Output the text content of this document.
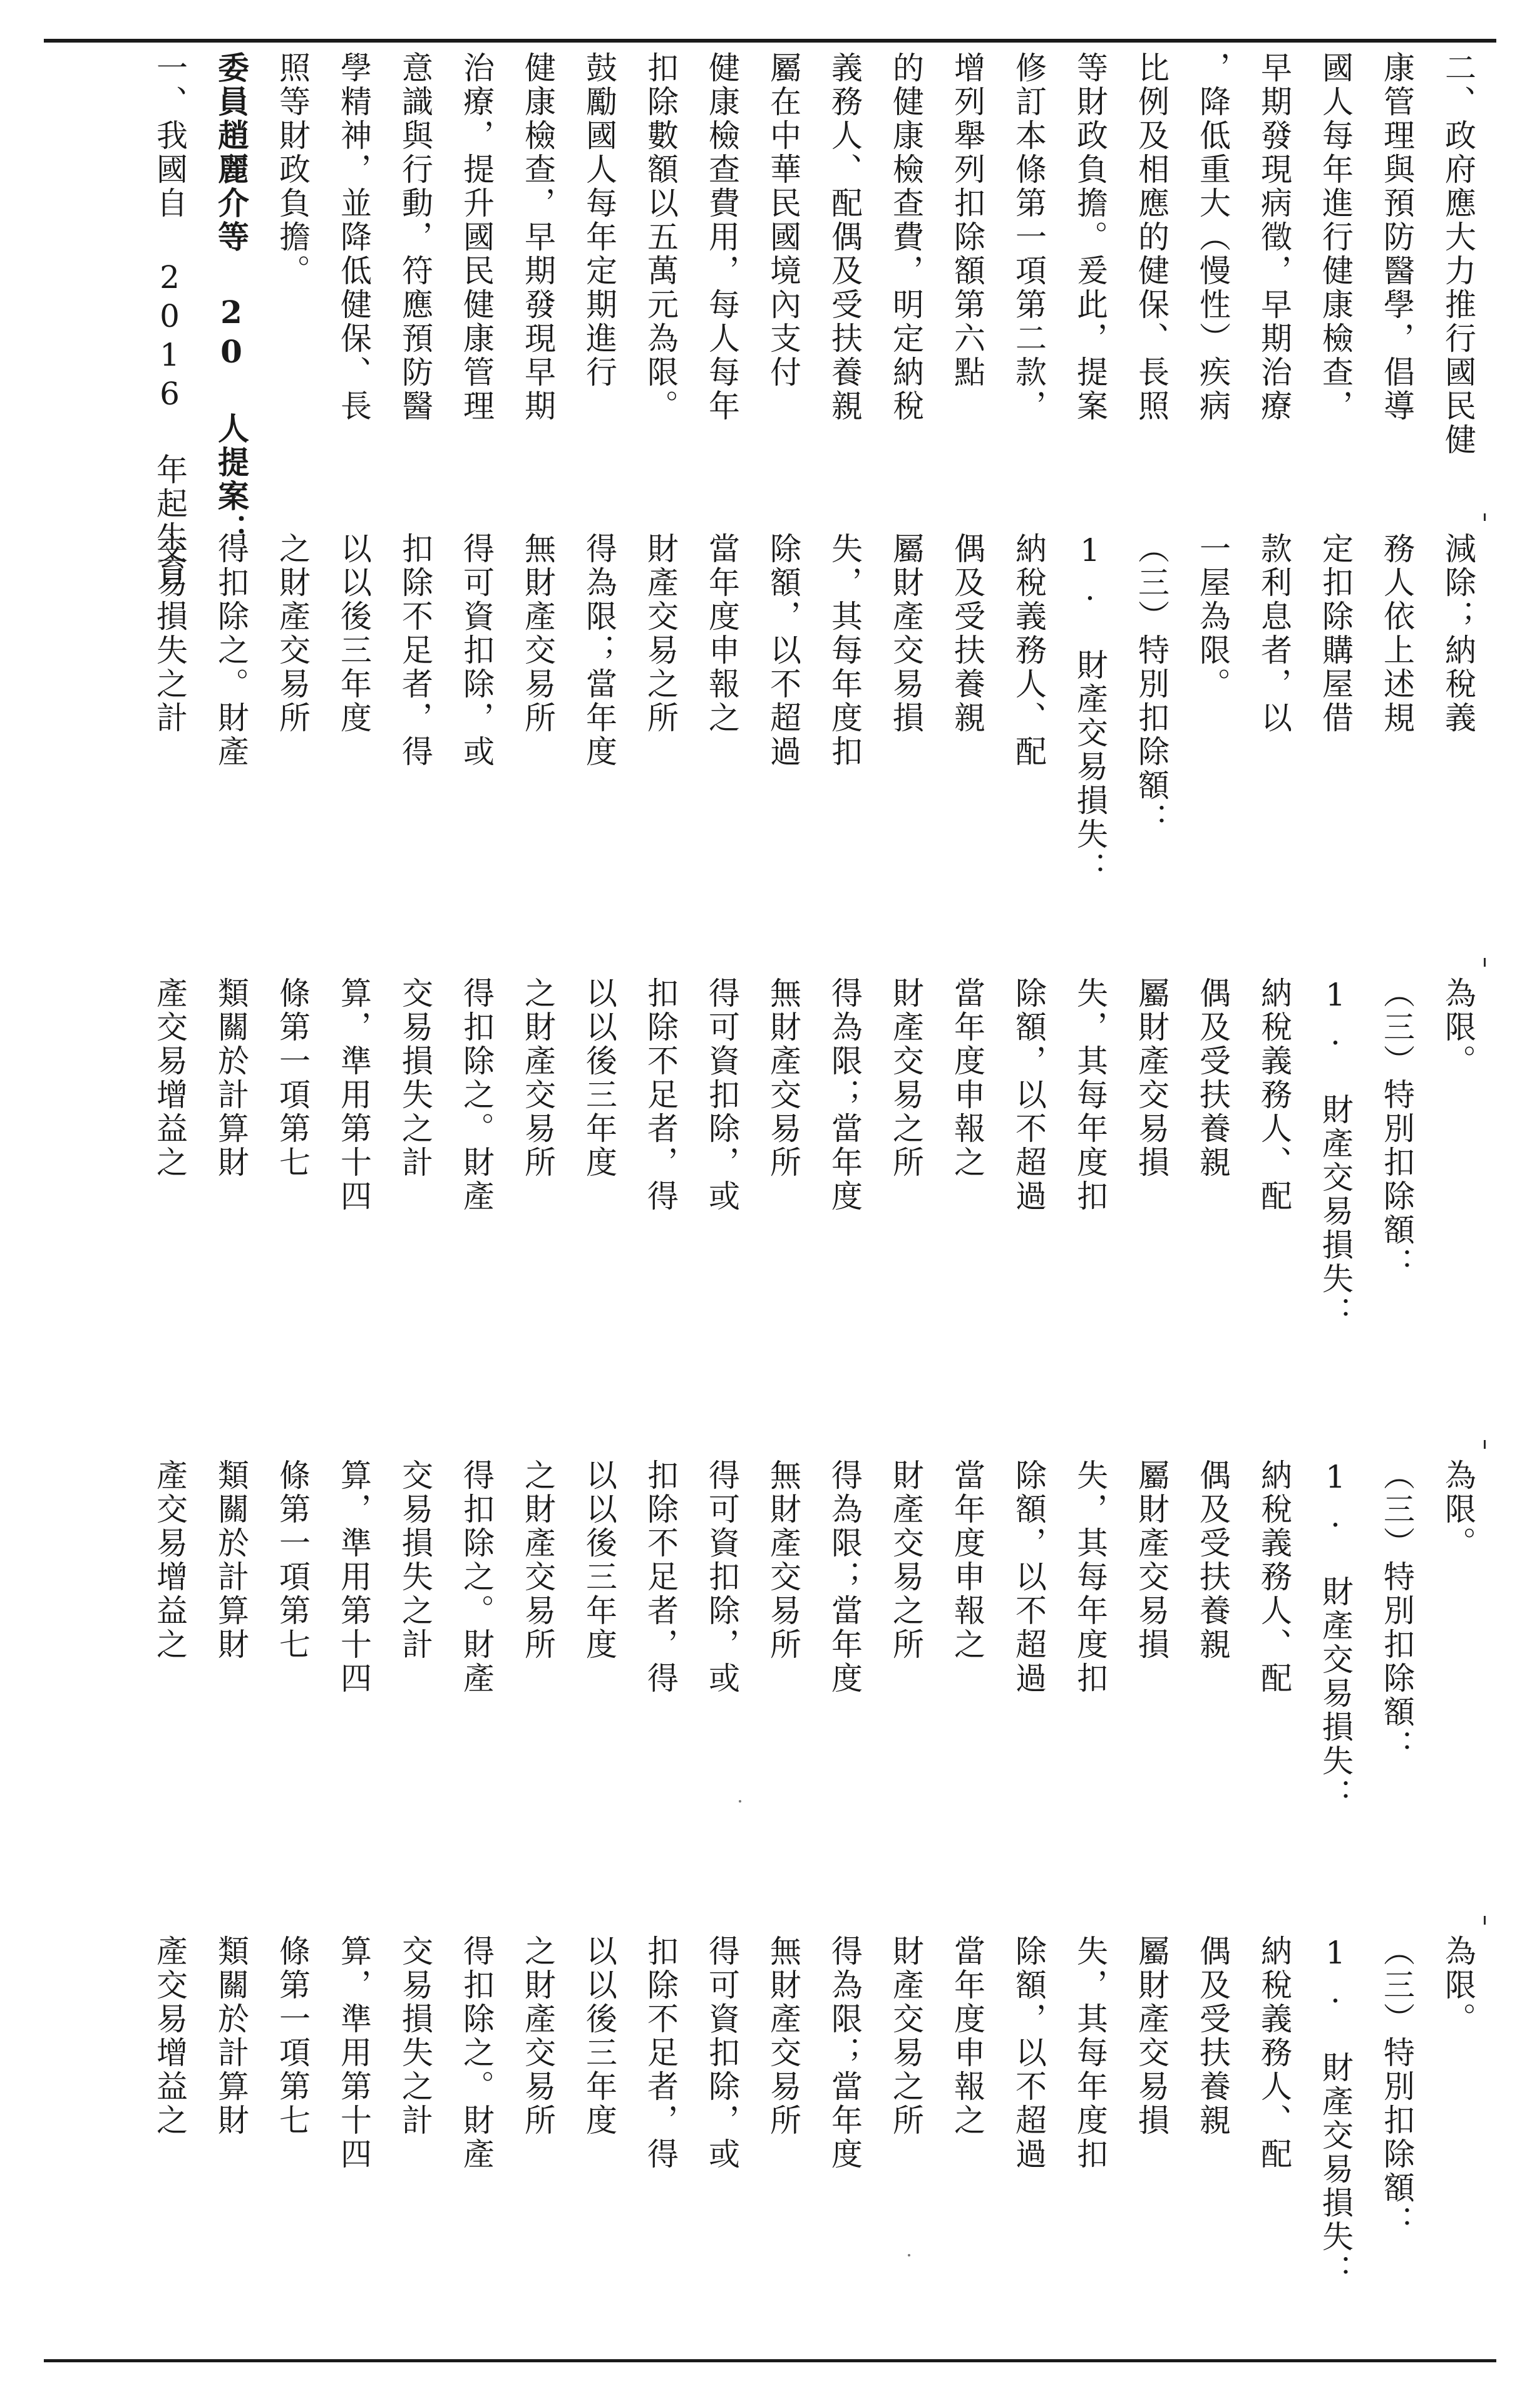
二、政府應大力推行國民健
康管理與預防醫學，倡導
國人每年進行健康檢查，
早期發現病徵，早期治療
，降低重大（慢性）疾病
比例及相應的健保、長照
等財政負擔。爰此，提案
修訂本條第一項第二款，
增列舉列扣除額第六點
的健康檢查費，明定納稅
義務人、配偶及受扶養親
屬在中華民國境內支付
健康檢查費用，每人每年
扣除數額以五萬元為限。
鼓勵國人每年定期進行
健康檢查，早期發現早期
治療，提升國民健康管理
意識與行動，符應預防醫
學精神，並降低健保、長
照等財政負擔。
委員趙麗介等 20 人提案：
一、我國自 2016 年起生育
減除；納稅義
務人依上述規
定扣除購屋借
款利息者，以
一屋為限。
（三）特別扣除額：
1. 財產交易損失：
納稅義務人、配
偶及受扶養親
屬財產交易損
失，其每年度扣
除額，以不超過
當年度申報之
財產交易之所
得為限；當年度
無財產交易所
得可資扣除，或
扣除不足者，得
以以後三年度
之財產交易所
得扣除之。財產
交易損失之計
為限。
（三）特別扣除額：
1. 財產交易損失：
納稅義務人、配
偶及受扶養親
屬財產交易損
失，其每年度扣
除額，以不超過
當年度申報之
財產交易之所
得為限；當年度
無財產交易所
得可資扣除，或
扣除不足者，得
以以後三年度
之財產交易所
得扣除之。財產
交易損失之計
算，準用第十四
條第一項第七
類關於計算財
產交易增益之
為限。
（三）特別扣除額：
1. 財產交易損失：
納稅義務人、配
偶及受扶養親
屬財產交易損
失，其每年度扣
除額，以不超過
當年度申報之
財產交易之所
得為限；當年度
無財產交易所
得可資扣除，或
扣除不足者，得
以以後三年度
之財產交易所
得扣除之。財產
交易損失之計
算，準用第十四
條第一項第七
類關於計算財
產交易增益之
為限。
（三）特別扣除額：
1. 財產交易損失：
納稅義務人、配
偶及受扶養親
屬財產交易損
失，其每年度扣
除額，以不超過
當年度申報之
財產交易之所
得為限；當年度
無財產交易所
得可資扣除，或
扣除不足者，得
以以後三年度
之財產交易所
得扣除之。財產
交易損失之計
算，準用第十四
條第一項第七
類關於計算財
產交易增益之
